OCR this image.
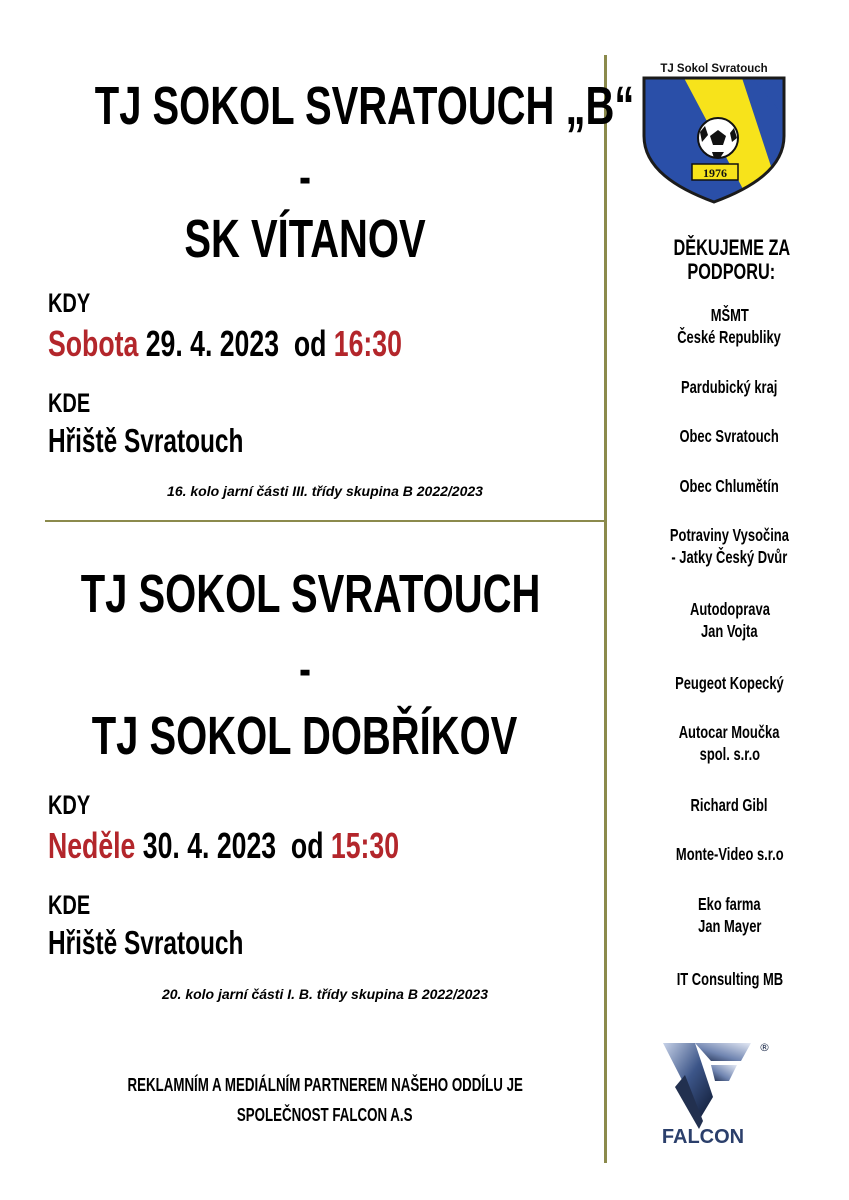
TJ SOKOL SVRATOUCH „B“
-
SK VÍTANOV
KDY
Sobota 29. 4. 2023 od 16:30
KDE
Hřiště Svratouch
16. kolo jarní části III. třídy skupina B 2022/2023
TJ SOKOL SVRATOUCH
-
TJ SOKOL DOBŘÍKOV
KDY
Neděle 30. 4. 2023 od 15:30
KDE
Hřiště Svratouch
20. kolo jarní části I. B. třídy skupina B 2022/2023
REKLAMNÍM A MEDIÁLNÍM PARTNEREM NAŠEHO ODDÍLU JE
SPOLEČNOST FALCON A.S
TJ Sokol Svratouch
1976
DĚKUJEME ZA
PODPORU:
MŠMT
České Republiky
Pardubický kraj
Obec Svratouch
Obec Chlumětín
Potraviny Vysočina
- Jatky Český Dvůr
Autodoprava
Jan Vojta
Peugeot Kopecký
Autocar Moučka
spol. s.r.o
Richard Gibl
Monte-Video s.r.o
Eko farma
Jan Mayer
IT Consulting MB
®
FALCON
